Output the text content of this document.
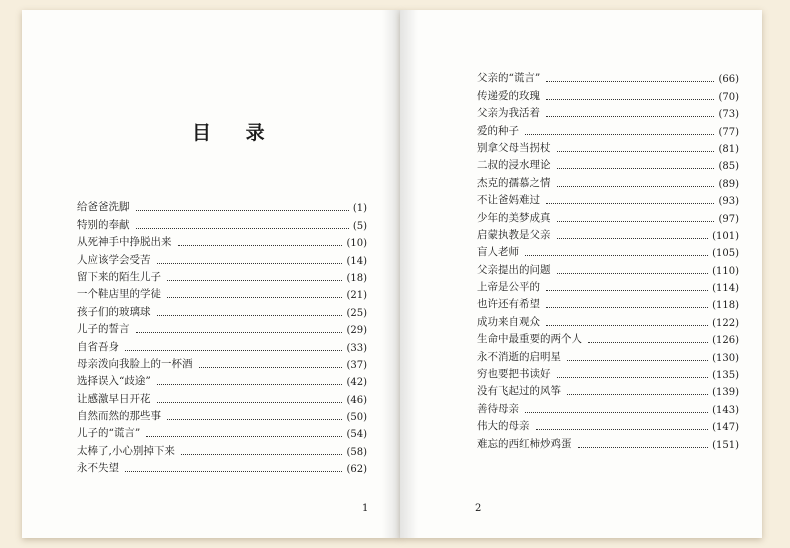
目 录
给爸爸洗脚	(1)
特别的奉献	(5)
从死神手中挣脱出来	(10)
人应该学会受苦	(14)
留下来的陌生儿子	(18)
一个鞋店里的学徒	(21)
孩子们的玻璃球	(25)
儿子的誓言	(29)
自省吾身	(33)
母亲泼向我脸上的一杯酒	(37)
选择误入“歧途”	(42)
让感激早日开花	(46)
自然而然的那些事	(50)
儿子的“谎言”	(54)
太棒了,小心别掉下来	(58)
永不失望	(62)
1
父亲的“谎言”	(66)
传递爱的玫瑰	(70)
父亲为我活着	(73)
爱的种子	(77)
别拿父母当拐杖	(81)
二叔的浸水理论	(85)
杰克的孺慕之情	(89)
不让爸妈难过	(93)
少年的美梦成真	(97)
启蒙执教是父亲	(101)
盲人老师	(105)
父亲提出的问题	(110)
上帝是公平的	(114)
也许还有希望	(118)
成功来自观众	(122)
生命中最重要的两个人	(126)
永不消逝的启明星	(130)
穷也要把书读好	(135)
没有飞起过的风筝	(139)
善待母亲	(143)
伟大的母亲	(147)
难忘的西红柿炒鸡蛋	(151)
2
